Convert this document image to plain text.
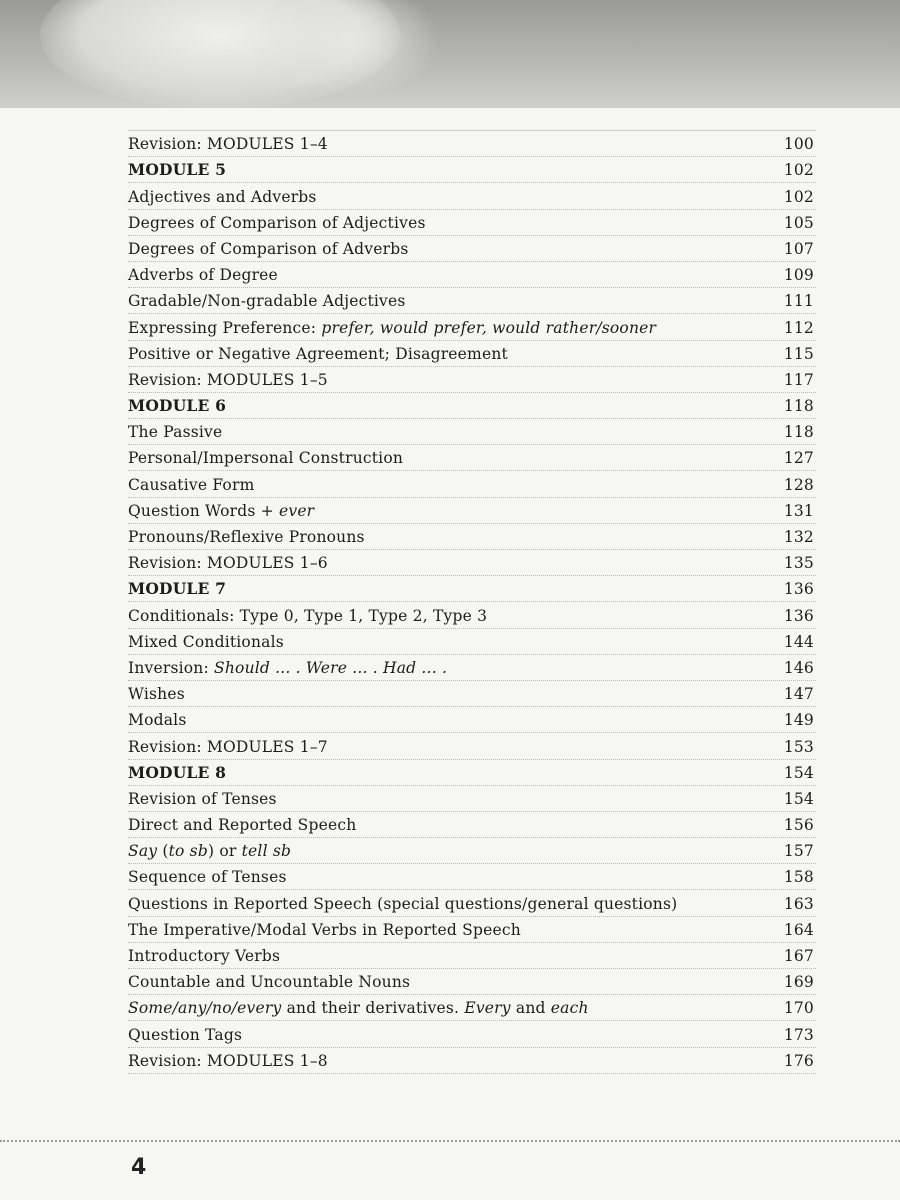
Revision: MODULES 1–4	100
MODULE 5	102
Adjectives and Adverbs	102
Degrees of Comparison of Adjectives	105
Degrees of Comparison of Adverbs	107
Adverbs of Degree	109
Gradable/Non-gradable Adjectives	111
Expressing Preference: prefer, would prefer, would rather/sooner	112
Positive or Negative Agreement; Disagreement	115
Revision: MODULES 1–5	117
MODULE 6	118
The Passive	118
Personal/Impersonal Construction	127
Causative Form	128
Question Words + ever	131
Pronouns/Reflexive Pronouns	132
Revision: MODULES 1–6	135
MODULE 7	136
Conditionals: Type 0, Type 1, Type 2, Type 3	136
Mixed Conditionals	144
Inversion: Should ... . Were ... . Had ... .	146
Wishes	147
Modals	149
Revision: MODULES 1–7	153
MODULE 8	154
Revision of Tenses	154
Direct and Reported Speech	156
Say (to sb) or tell sb	157
Sequence of Tenses	158
Questions in Reported Speech (special questions/general questions)	163
The Imperative/Modal Verbs in Reported Speech	164
Introductory Verbs	167
Countable and Uncountable Nouns	169
Some/any/no/every and their derivatives. Every and each	170
Question Tags	173
Revision: MODULES 1–8	176
4
